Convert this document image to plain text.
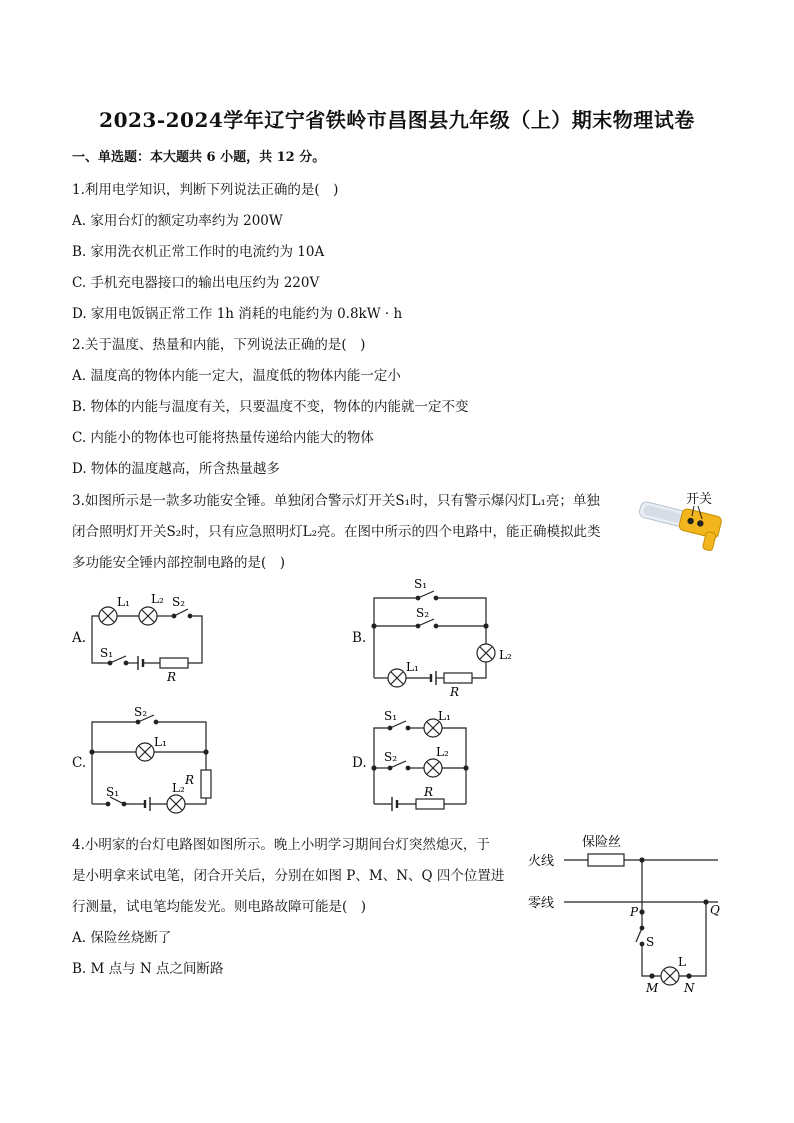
2023-2024学年辽宁省铁岭市昌图县九年级（上）期末物理试卷
一、单选题：本大题共 6 小题，共 12 分。
1.利用电学知识，判断下列说法正确的是(　)
A. 家用台灯的额定功率约为 200W
B. 家用洗衣机正常工作时的电流约为 10A
C. 手机充电器接口的输出电压约为 220V
D. 家用电饭锅正常工作 1h 消耗的电能约为 0.8kW · h
2.关于温度、热量和内能，下列说法正确的是(　)
A. 温度高的物体内能一定大，温度低的物体内能一定小
B. 物体的内能与温度有关，只要温度不变，物体的内能就一定不变
C. 内能小的物体也可能将热量传递给内能大的物体
D. 物体的温度越高，所含热量越多
3.如图所示是一款多功能安全锤。单独闭合警示灯开关S₁时，只有警示爆闪灯L₁亮；单独
闭合照明灯开关S₂时，只有应急照明灯L₂亮。在图中所示的四个电路中，能正确模拟此类
多功能安全锤内部控制电路的是(　)
开关
A.
L₁ L₂ S₂
S₁
R
B.
S₁
S₂
L₂
L₁
R
C.
S₂
L₁
R
L₂
S₁
D.
S₁	L₁
S₂	L₂
R
4.小明家的台灯电路图如图所示。晚上小明学习期间台灯突然熄灭，于
是小明拿来试电笔，闭合开关后，分别在如图 P、M、N、Q 四个位置进
行测量，试电笔均能发光。则电路故障可能是(　)
A. 保险丝烧断了
B. M 点与 N 点之间断路
保险丝
火线
零线
P	Q
S
L
M N
